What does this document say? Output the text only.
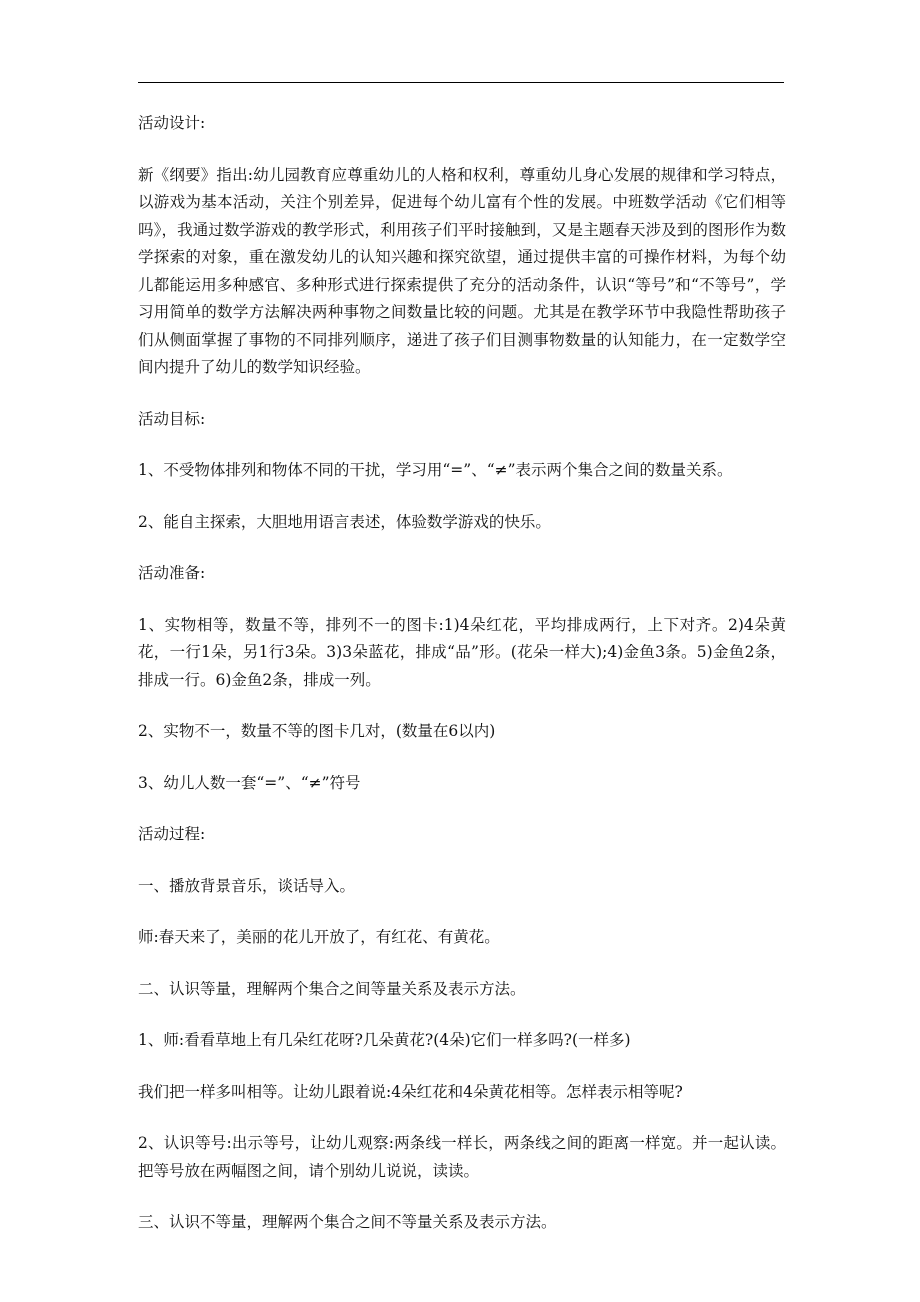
活动设计:

新《纲要》指出:幼儿园教育应尊重幼儿的人格和权利，尊重幼儿身心发展的规律和学习特点，以游戏为基本活动，关注个别差异，促进每个幼儿富有个性的发展。中班数学活动《它们相等吗》，我通过数学游戏的教学形式，利用孩子们平时接触到，又是主题春天涉及到的图形作为数学探索的对象，重在激发幼儿的认知兴趣和探究欲望，通过提供丰富的可操作材料，为每个幼儿都能运用多种感官、多种形式进行探索提供了充分的活动条件，认识“等号”和“不等号”，学习用简单的数学方法解决两种事物之间数量比较的问题。尤其是在教学环节中我隐性帮助孩子们从侧面掌握了事物的不同排列顺序，递进了孩子们目测事物数量的认知能力，在一定数学空间内提升了幼儿的数学知识经验。

活动目标:

1、不受物体排列和物体不同的干扰，学习用“=”、“≠”表示两个集合之间的数量关系。

2、能自主探索，大胆地用语言表述，体验数学游戏的快乐。

活动准备:

1、实物相等，数量不等，排列不一的图卡:1)4朵红花，平均排成两行，上下对齐。2)4朵黄花，一行1朵，另1行3朵。3)3朵蓝花，排成“品”形。(花朵一样大);4)金鱼3条。5)金鱼2条，排成一行。6)金鱼2条，排成一列。

2、实物不一，数量不等的图卡几对，(数量在6以内)

3、幼儿人数一套“=”、“≠”符号

活动过程:

一、播放背景音乐，谈话导入。

师:春天来了，美丽的花儿开放了，有红花、有黄花。

二、认识等量，理解两个集合之间等量关系及表示方法。

1、师:看看草地上有几朵红花呀?几朵黄花?(4朵)它们一样多吗?(一样多)

我们把一样多叫相等。让幼儿跟着说:4朵红花和4朵黄花相等。怎样表示相等呢?

2、认识等号:出示等号，让幼儿观察:两条线一样长，两条线之间的距离一样宽。并一起认读。把等号放在两幅图之间，请个别幼儿说说，读读。

三、认识不等量，理解两个集合之间不等量关系及表示方法。
